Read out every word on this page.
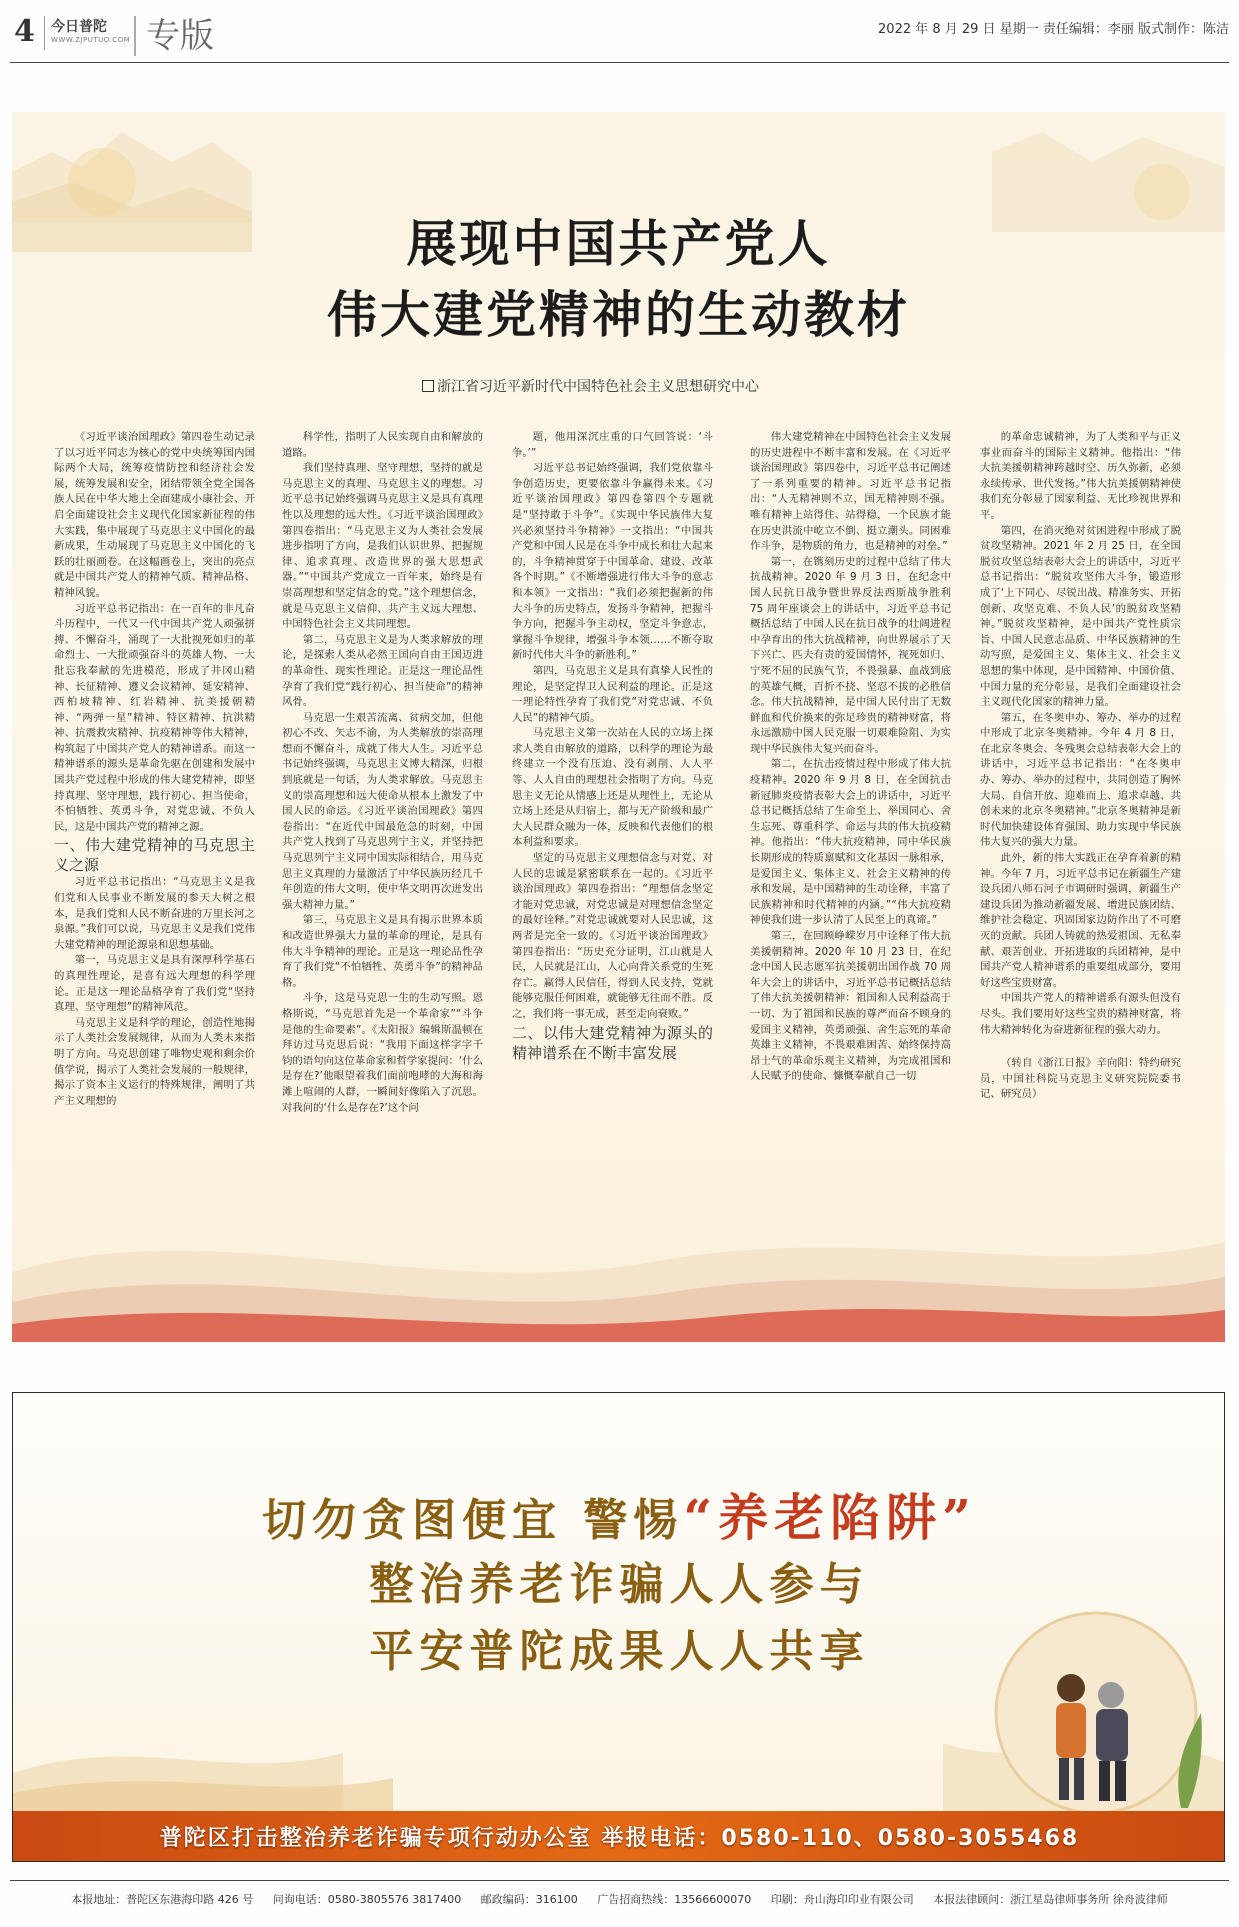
4 今日普陀
WWW.ZJPUTUO.COM 专版	2022 年 8 月 29 日 星期一 责任编辑：李丽 版式制作：陈洁
展现中国共产党人
伟大建党精神的生动教材
浙江省习近平新时代中国特色社会主义思想研究中心

《习近平谈治国理政》第四卷生动记录了以习近平同志为核心的党中央统筹国内国际两个大局，统筹疫情防控和经济社会发展，统筹发展和安全，团结带领全党全国各族人民在中华大地上全面建成小康社会、开启全面建设社会主义现代化国家新征程的伟大实践，集中展现了马克思主义中国化的最新成果，生动展现了马克思主义中国化的飞跃的壮丽画卷。在这幅画卷上，突出的亮点就是中国共产党人的精神气质、精神品格、精神风貌。

习近平总书记指出：在一百年的非凡奋斗历程中，一代又一代中国共产党人顽强拼搏、不懈奋斗，涌现了一大批视死如归的革命烈士、一大批顽强奋斗的英雄人物、一大批忘我奉献的先进模范，形成了井冈山精神、长征精神、遵义会议精神、延安精神、西柏坡精神、红岩精神、抗美援朝精神、“两弹一星”精神、特区精神、抗洪精神、抗震救灾精神、抗疫精神等伟大精神，构筑起了中国共产党人的精神谱系。而这一精神谱系的源头是革命先驱在创建和发展中国共产党过程中形成的伟大建党精神，即坚持真理、坚守理想，践行初心、担当使命，不怕牺牲、英勇斗争，对党忠诚、不负人民，这是中国共产党的精神之源。

一、伟大建党精神的马克思主义之源

习近平总书记指出：“马克思主义是我们党和人民事业不断发展的参天大树之根本，是我们党和人民不断奋进的万里长河之泉源。”我们可以说，马克思主义是我们党伟大建党精神的理论源泉和思想基础。

第一，马克思主义是具有深厚科学基石的真理性理论，是喜有远大理想的科学理论。正是这一理论品格孕育了我们党“坚持真理、坚守理想”的精神风范。

马克思主义是科学的理论，创造性地揭示了人类社会发展规律，从而为人类未来指明了方向。马克思创建了唯物史观和剩余价值学说，揭示了人类社会发展的一般规律，揭示了资本主义运行的特殊规律，阐明了共产主义理想的

科学性，指明了人民实现自由和解放的道路。

我们坚持真理、坚守理想，坚持的就是马克思主义的真理、马克思主义的理想。习近平总书记始终强调马克思主义是具有真理性以及理想的远大性。《习近平谈治国理政》第四卷指出：“马克思主义为人类社会发展进步指明了方向，是我们认识世界、把握规律、追求真理、改造世界的强大思想武器。”“中国共产党成立一百年来，始终是有崇高理想和坚定信念的党。”这个理想信念，就是马克思主义信仰、共产主义远大理想、中国特色社会主义共同理想。

第二，马克思主义是为人类求解放的理论，是探索人类从必然王国向自由王国迈进的革命性、现实性理论。正是这一理论品性孕育了我们党“践行初心、担当使命”的精神风骨。

马克思一生艰苦流离、贫病交加，但他初心不改、矢志不渝，为人类解放的崇高理想而不懈奋斗，成就了伟大人生。习近平总书记始终强调，马克思主义博大精深，归根到底就是一句话，为人类求解放。马克思主义的崇高理想和远大使命从根本上激发了中国人民的命运。《习近平谈治国理政》第四卷指出：“在近代中国最危急的时刻，中国共产党人找到了马克思列宁主义，并坚持把马克思列宁主义同中国实际相结合，用马克思主义真理的力量激活了中华民族历经几千年创造的伟大文明，使中华文明再次迸发出强大精神力量。”

第三，马克思主义是具有揭示世界本质和改造世界强大力量的革命的理论，是具有伟大斗争精神的理论。正是这一理论品性孕育了我们党“不怕牺牲、英勇斗争”的精神品格。

斗争，这是马克思一生的生动写照。恩格斯说，“马克思首先是一个革命家”“斗争是他的生命要素”。《太阳报》编辑斯温顿在拜访过马克思后说：“我用下面这样字字千钧的语句向这位革命家和哲学家提问：‘什么是存在?’他眼望着我们面前咆哮的大海和海滩上喧闹的人群，一瞬间好像陷入了沉思。对我问的‘什么是存在?’这个问

题，他用深沉庄重的口气回答说：‘斗争。’”

习近平总书记始终强调，我们党依靠斗争创造历史，更要依靠斗争赢得未来。《习近平谈治国理政》第四卷第四个专题就是“坚持敢于斗争”。《实现中华民族伟大复兴必须坚持斗争精神》一文指出：“中国共产党和中国人民是在斗争中成长和壮大起来的，斗争精神贯穿于中国革命、建设、改革各个时期。”《不断增强进行伟大斗争的意志和本领》一文指出：“我们必须把握新的伟大斗争的历史特点，发扬斗争精神，把握斗争方向，把握斗争主动权，坚定斗争意志，掌握斗争规律，增强斗争本领……不断夺取新时代伟大斗争的新胜利。”

第四，马克思主义是具有真挚人民性的理论，是坚定捍卫人民利益的理论。正是这一理论特性孕育了我们党“对党忠诚、不负人民”的精神气质。

马克思主义第一次站在人民的立场上探求人类自由解放的道路，以科学的理论为最终建立一个没有压迫、没有剥削、人人平等、人人自由的理想社会指明了方向。马克思主义无论从情感上还是从理性上，无论从立场上还是从归宿上，都与无产阶级和最广大人民群众融为一体，反映和代表他们的根本利益和要求。

坚定的马克思主义理想信念与对党、对人民的忠诚是紧密联系在一起的。《习近平谈治国理政》第四卷指出：“理想信念坚定才能对党忠诚，对党忠诚是对理想信念坚定的最好诠释。”对党忠诚就要对人民忠诚，这两者是完全一致的。《习近平谈治国理政》第四卷指出：“历史充分证明，江山就是人民，人民就是江山，人心向背关系党的生死存亡。赢得人民信任，得到人民支持，党就能够克服任何困难，就能够无往而不胜。反之，我们将一事无成，甚至走向衰败。”

二、以伟大建党精神为源头的精神谱系在不断丰富发展

伟大建党精神在中国特色社会主义发展的历史进程中不断丰富和发展。在《习近平谈治国理政》第四卷中，习近平总书记阐述了一系列重要的精神。习近平总书记指出：“人无精神则不立，国无精神则不强。唯有精神上站得住、站得稳，一个民族才能在历史洪流中屹立不倒、挺立潮头。同困难作斗争，是物质的角力，也是精神的对垒。”

第一，在镌刻历史的过程中总结了伟大抗战精神。2020 年 9 月 3 日，在纪念中国人民抗日战争暨世界反法西斯战争胜利 75 周年座谈会上的讲话中，习近平总书记概括总结了中国人民在抗日战争的壮阔进程中孕育出的伟大抗战精神，向世界展示了天下兴亡、匹夫有责的爱国情怀，视死如归、宁死不屈的民族气节，不畏强暴、血战到底的英雄气概，百折不挠、坚忍不拔的必胜信念。伟大抗战精神，是中国人民付出了无数鲜血和代价换来的弥足珍贵的精神财富，将永远激励中国人民克服一切艰难险阻、为实现中华民族伟大复兴而奋斗。

第二，在抗击疫情过程中形成了伟大抗疫精神。2020 年 9 月 8 日，在全国抗击新冠肺炎疫情表彰大会上的讲话中，习近平总书记概括总结了生命至上、举国同心、舍生忘死、尊重科学、命运与共的伟大抗疫精神。他指出：“伟大抗疫精神，同中华民族长期形成的特质禀赋和文化基因一脉相承，是爱国主义、集体主义、社会主义精神的传承和发展，是中国精神的生动诠释，丰富了民族精神和时代精神的内涵。”“伟大抗疫精神使我们进一步认清了人民至上的真谛。”

第三，在回顾峥嵘岁月中诠释了伟大抗美援朝精神。2020 年 10 月 23 日，在纪念中国人民志愿军抗美援朝出国作战 70 周年大会上的讲话中，习近平总书记概括总结了伟大抗美援朝精神：祖国和人民利益高于一切、为了祖国和民族的尊严而奋不顾身的爱国主义精神，英勇顽强、舍生忘死的革命英雄主义精神，不畏艰难困苦、始终保持高昂士气的革命乐观主义精神，为完成祖国和人民赋予的使命、慷慨奉献自己一切

的革命忠诚精神，为了人类和平与正义事业而奋斗的国际主义精神。他指出：“伟大抗美援朝精神跨越时空、历久弥新，必须永续传承、世代发扬。”伟大抗美援朝精神使我们充分彰显了国家利益、无比珍视世界和平。

第四，在消灭绝对贫困进程中形成了脱贫攻坚精神。2021 年 2 月 25 日，在全国脱贫攻坚总结表彰大会上的讲话中，习近平总书记指出：“脱贫攻坚伟大斗争，锻造形成了‘上下同心、尽锐出战、精准务实、开拓创新、攻坚克难、不负人民’的脱贫攻坚精神。”脱贫攻坚精神，是中国共产党性质宗旨、中国人民意志品质、中华民族精神的生动写照，是爱国主义、集体主义、社会主义思想的集中体现，是中国精神、中国价值、中国力量的充分彰显，是我们全面建设社会主义现代化国家的精神力量。

第五，在冬奥申办、筹办、举办的过程中形成了北京冬奥精神。今年 4 月 8 日，在北京冬奥会、冬残奥会总结表彰大会上的讲话中，习近平总书记指出：“在冬奥申办、筹办、举办的过程中，共同创造了胸怀大局、自信开放、迎难而上、追求卓越、共创未来的北京冬奥精神。”北京冬奥精神是新时代加快建设体育强国、助力实现中华民族伟大复兴的强大力量。

此外，新的伟大实践正在孕育着新的精神。今年 7 月，习近平总书记在新疆生产建设兵团八师石河子市调研时强调，新疆生产建设兵团为推动新疆发展、增进民族团结、维护社会稳定、巩固国家边防作出了不可磨灭的贡献。兵团人铸就的热爱祖国、无私奉献、艰苦创业、开拓进取的兵团精神，是中国共产党人精神谱系的重要组成部分，要用好这些宝贵财富。

中国共产党人的精神谱系有源头但没有尽头。我们要用好这些宝贵的精神财富，将伟大精神转化为奋进新征程的强大动力。

（转自《浙江日报》辛向阳：特约研究员，中国社科院马克思主义研究院院委书记、研究员）

切勿贪图便宜 警惕“养老陷阱”
整治养老诈骗人人参与
平安普陀成果人人共享
普陀区打击整治养老诈骗专项行动办公室 举报电话：0580-110、0580-3055468
本报地址：普陀区东港海印路 426 号 问询电话：0580-3805576 3817400 邮政编码：316100 广告招商热线：13566600070 印刷：舟山海印印业有限公司 本报法律顾问：浙江星岛律师事务所 徐舟波律师
